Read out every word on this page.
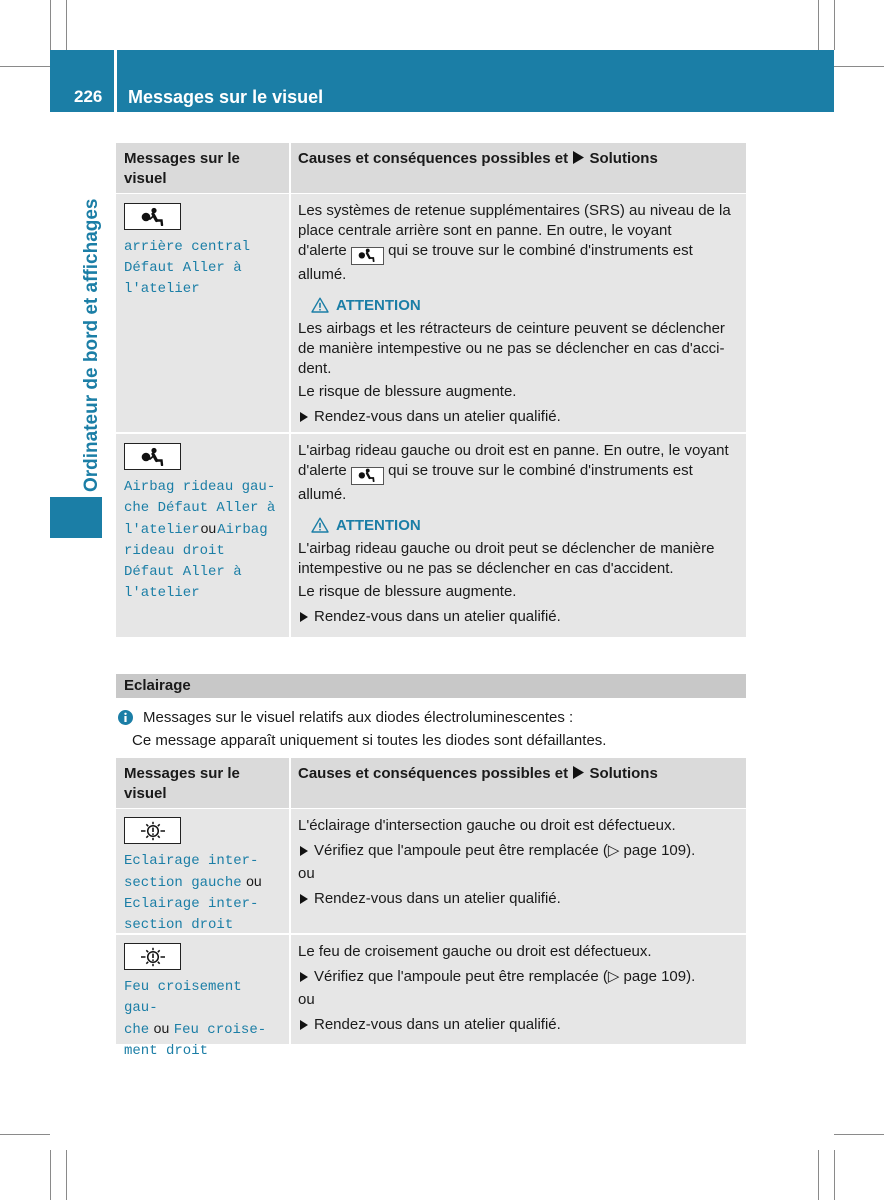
226 Messages sur le visuel
Ordinateur de bord et affichages
Messages sur le
visuel
Causes et conséquences possibles et Solutions
arrière central
Défaut Aller à
l'atelier

Les systèmes de retenue supplémentaires (SRS) au niveau de la
place centrale arrière sont en panne. En outre, le voyant
d'alerte	qui se trouve sur le combiné d'instruments est
allumé.

ATTENTION

Les airbags et les rétracteurs de ceinture peuvent se déclencher
de manière intempestive ou ne pas se déclencher en cas d'acci-
dent.

Le risque de blessure augmente.

Rendez-vous dans un atelier qualifié.
Airbag rideau gau-
che Défaut Aller à
l'atelierouAirbag
rideau droit
Défaut Aller à
l'atelier

L'airbag rideau gauche ou droit est en panne. En outre, le voyant
d'alerte	qui se trouve sur le combiné d'instruments est
allumé.

ATTENTION

L'airbag rideau gauche ou droit peut se déclencher de manière
intempestive ou ne pas se déclencher en cas d'accident.

Le risque de blessure augmente.

Rendez-vous dans un atelier qualifié.
Eclairage
Messages sur le visuel relatifs aux diodes électroluminescentes :
Ce message apparaît uniquement si toutes les diodes sont défaillantes.
Messages sur le
visuel
Causes et conséquences possibles et Solutions
Eclairage inter-
section gauche ou
Eclairage inter-
section droit

L'éclairage d'intersection gauche ou droit est défectueux.

Vérifiez que l'ampoule peut être remplacée (▷ page 109).

ou

Rendez-vous dans un atelier qualifié.
Feu croisement gau-
che ou Feu croise-
ment droit

Le feu de croisement gauche ou droit est défectueux.

Vérifiez que l'ampoule peut être remplacée (▷ page 109).

ou

Rendez-vous dans un atelier qualifié.
